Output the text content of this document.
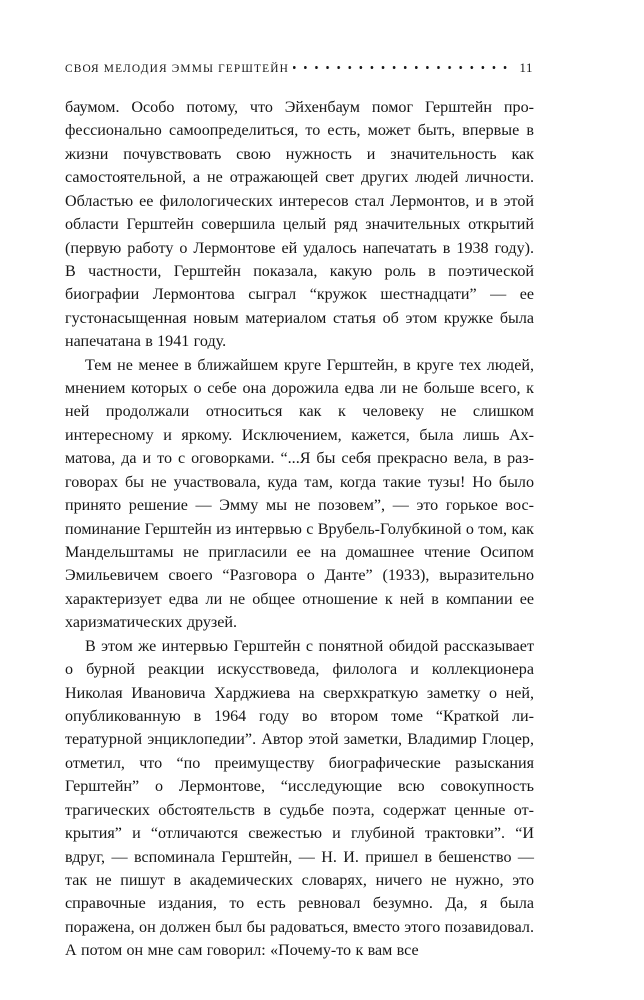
СВОЯ МЕЛОДИЯ ЭММЫ ГЕРШТЕЙН	11

баумом. Особо потому, что Эйхенбаум помог Герштейн профессионально самоопределиться, то есть, может быть, впервые в жизни почувствовать свою нужность и значительность как самостоятельной, а не отражающей свет других людей личности. Областью ее филологических интересов стал Лермонтов, и в этой области Герштейн совершила целый ряд значительных открытий (первую работу о Лермонтове ей удалось напечатать в 1938 году). В частности, Герштейн показала, какую роль в поэтической биографии Лермонтова сыграл “кружок шестнадцати” — ее густонасыщенная новым материалом статья об этом кружке была напечатана в 1941 году.

Тем не менее в ближайшем круге Герштейн, в круге тех людей, мнением которых о себе она дорожила едва ли не больше всего, к ней продолжали относиться как к человеку не слишком интересному и яркому. Исключением, кажется, была лишь Ахматова, да и то с оговорками. “...Я бы себя прекрасно вела, в разговорах бы не участвовала, куда там, когда такие тузы! Но было принято решение — Эмму мы не позовем”, — это горькое воспоминание Герштейн из интервью с Врубель-Голубкиной о том, как Мандельштамы не пригласили ее на домашнее чтение Осипом Эмильевичем своего “Разговора о Данте” (1933), выразительно характеризует едва ли не общее отношение к ней в компании ее харизматических друзей.

В этом же интервью Герштейн с понятной обидой рассказывает о бурной реакции искусствоведа, филолога и коллекционера Николая Ивановича Харджиева на сверхкраткую заметку о ней, опубликованную в 1964 году во втором томе “Краткой литературной энциклопедии”. Автор этой заметки, Владимир Глоцер, отметил, что “по преимуществу биографические разыскания Герштейн” о Лермонтове, “исследующие всю совокупность трагических обстоятельств в судьбе поэта, содержат ценные открытия” и “отличаются свежестью и глубиной трактовки”. “И вдруг, — вспоминала Герштейн, — Н. И. пришел в бешенство — так не пишут в академических словарях, ничего не нужно, это справочные издания, то есть ревновал безумно. Да, я была поражена, он должен был бы радоваться, вместо этого позавидовал. А потом он мне сам говорил: «Почему-то к вам все
